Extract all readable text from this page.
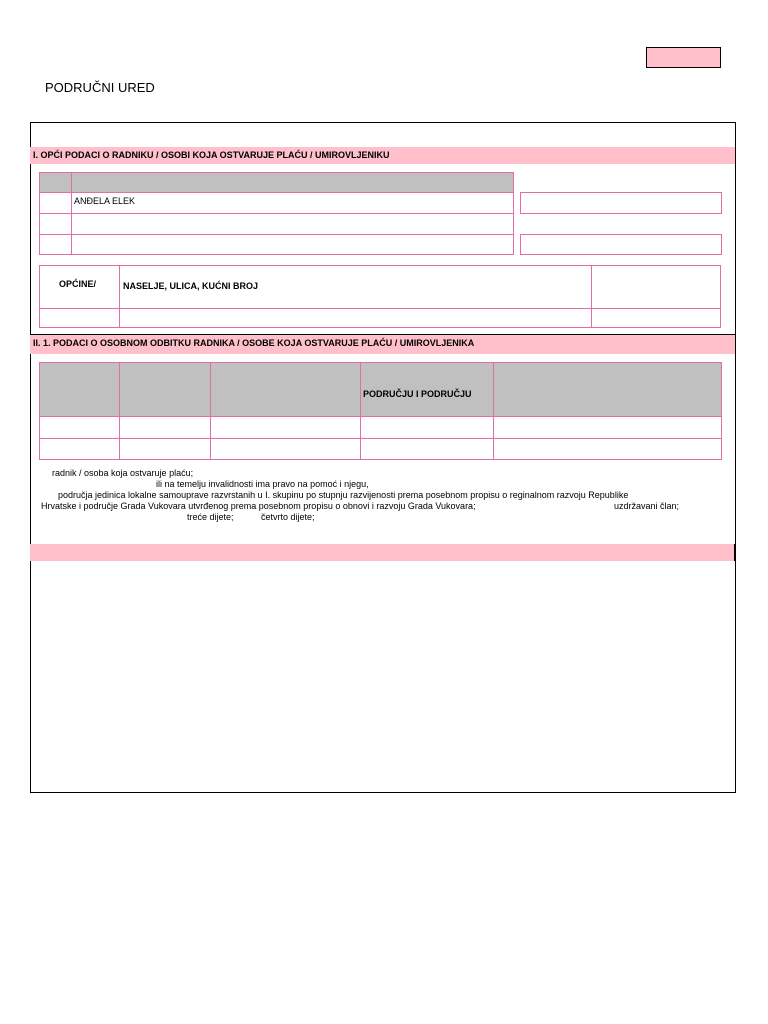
PODRUČNI URED
I. OPĆI PODACI O RADNIKU / OSOBI KOJA OSTVARUJE PLAĆU / UMIROVLJENIKU
ANĐELA ELEK
OPĆINE/	NASELJE, ULICA, KUĆNI BROJ
II. 1. PODACI O OSOBNOM ODBITKU RADNIKA / OSOBE KOJA OSTVARUJE PLAĆU / UMIROVLJENIKA
PODRUČJU I PODRUČJU
radnik / osoba koja ostvaruje plaću;
ili na temelju invalidnosti ima pravo na pomoć i njegu,
područja jedinica lokalne samouprave razvrstanih u I. skupinu po stupnju razvijenosti prema posebnom propisu o reginalnom razvoju Republike
Hrvatske i područje Grada Vukovara utvrđenog prema posebnom propisu o obnovi i razvoju Grada Vukovara;	uzdržavani član;
treće dijete;	četvrto dijete;
